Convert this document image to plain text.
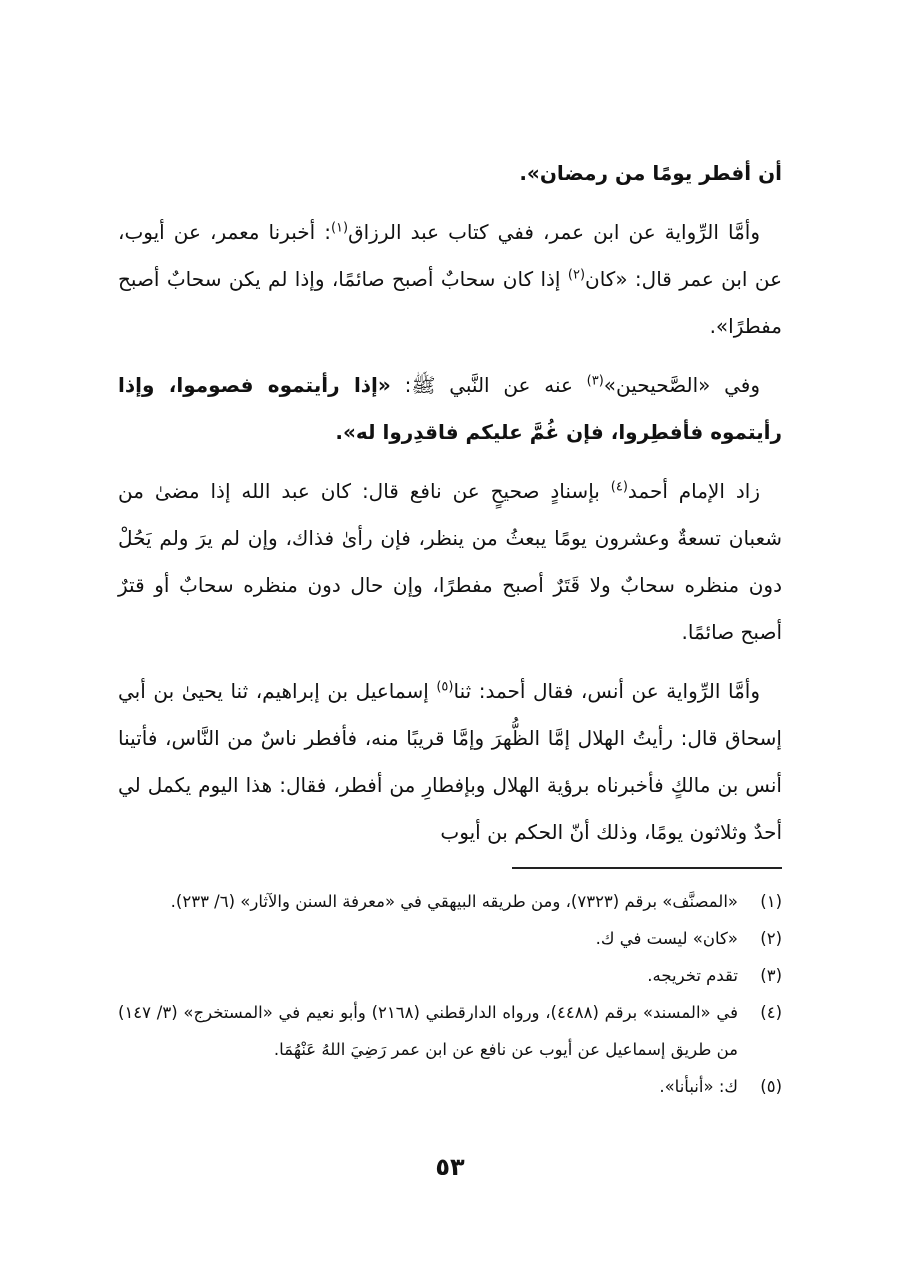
أن أفطر يومًا من رمضان».

وأمَّا الرِّواية عن ابن عمر، ففي كتاب عبد الرزاق$^{(١)}$: أخبرنا معمر، عن أيوب، عن ابن عمر قال: «كان$^{(٢)}$ إذا كان سحابٌ أصبح صائمًا، وإذا لم يكن سحابٌ أصبح مفطرًا».

وفي «الصَّحيحين»$^{(٣)}$ عنه عن النَّبي ﷺ: «إذا رأيتموه فصوموا، وإذا رأيتموه فأفطِروا، فإن غُمَّ عليكم فاقدِروا له».

زاد الإمام أحمد$^{(٤)}$ بإسنادٍ صحيحٍ عن نافع قال: كان عبد الله إذا مضىٰ من شعبان تسعةٌ وعشرون يومًا يبعثُ من ينظر، فإن رأىٰ فذاك، وإن لم يرَ ولم يَحُلْ دون منظره سحابٌ ولا قَتَرٌ أصبح مفطرًا، وإن حال دون منظره سحابٌ أو قترٌ أصبح صائمًا.

وأمَّا الرِّواية عن أنس، فقال أحمد: ثنا$^{(٥)}$ إسماعيل بن إبراهيم، ثنا يحيىٰ بن أبي إسحاق قال: رأيتُ الهلال إمَّا الظُّهرَ وإمَّا قريبًا منه، فأفطر ناسٌ من النَّاس، فأتينا أنس بن مالكٍ فأخبرناه برؤية الهلال وبإفطارِ من أفطر، فقال: هذا اليوم يكمل لي أحدٌ وثلاثون يومًا، وذلك أنّ الحكم بن أيوب

(١)
«المصنَّف» برقم (٧٣٢٣)، ومن طريقه البيهقي في «معرفة السنن والآثار» (٦/ ٢٣٣).
(٢)
«كان» ليست في ك.
(٣)
تقدم تخريجه.
(٤)
في «المسند» برقم (٤٤٨٨)، ورواه الدارقطني (٢١٦٨) وأبو نعيم في «المستخرج» (٣/ ١٤٧) من طريق إسماعيل عن أيوب عن نافع عن ابن عمر رَضِيَ اللهُ عَنْهُمَا.
(٥)
ك: «أنبأنا».
٥٣
